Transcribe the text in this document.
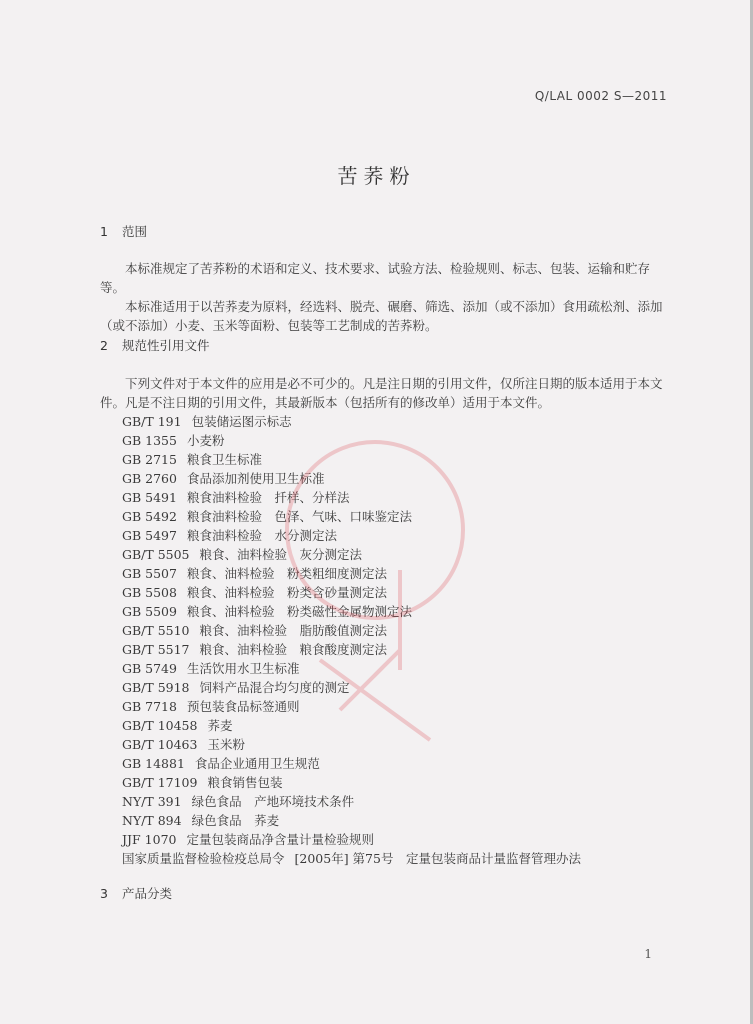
Q/LAL 0002 S—2011
苦荞粉
1 范围

本标准规定了苦荞粉的术语和定义、技术要求、试验方法、检验规则、标志、包装、运输和贮存等。

本标准适用于以苦荞麦为原料，经选料、脱壳、碾磨、筛选、添加（或不添加）食用疏松剂、添加（或不添加）小麦、玉米等面粉、包装等工艺制成的苦荞粉。

2 规范性引用文件

下列文件对于本文件的应用是必不可少的。凡是注日期的引用文件，仅所注日期的版本适用于本文件。凡是不注日期的引用文件，其最新版本（包括所有的修改单）适用于本文件。

GB/T 191 包装储运图示标志
GB 1355 小麦粉
GB 2715 粮食卫生标准
GB 2760 食品添加剂使用卫生标准
GB 5491 粮食油料检验　扦样、分样法
GB 5492 粮食油料检验　色泽、气味、口味鉴定法
GB 5497 粮食油料检验　水分测定法
GB/T 5505 粮食、油料检验　灰分测定法
GB 5507 粮食、油料检验　粉类粗细度测定法
GB 5508 粮食、油料检验　粉类含砂量测定法
GB 5509 粮食、油料检验　粉类磁性金属物测定法
GB/T 5510 粮食、油料检验　脂肪酸值测定法
GB/T 5517 粮食、油料检验　粮食酸度测定法
GB 5749 生活饮用水卫生标准
GB/T 5918 饲料产品混合均匀度的测定
GB 7718 预包装食品标签通则
GB/T 10458 荞麦
GB/T 10463 玉米粉
GB 14881 食品企业通用卫生规范
GB/T 17109 粮食销售包装
NY/T 391 绿色食品　产地环境技术条件
NY/T 894 绿色食品　荞麦
JJF 1070 定量包装商品净含量计量检验规则
国家质量监督检验检疫总局令 [2005年] 第75号　定量包装商品计量监督管理办法
3 产品分类
1
